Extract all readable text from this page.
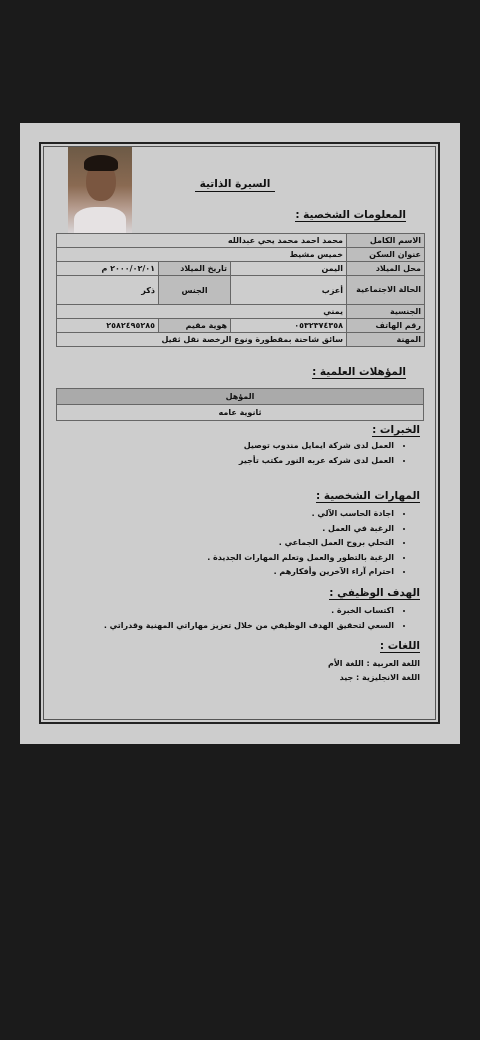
السيرة الذاتية
المعلومات الشخصية :
الاسم الكامل	محمد احمد محمد يحي عبدالله		
عنوان السكن	خميس مشيط		
محل الميلاد	اليمن	تاريخ الميلاد	٢٠٠٠/٠٢/٠١ م
الحالة الاجتماعية	أعزب	الجنس	ذكر
الجنسية	يمني		
رقم الهاتف	٠٥٣٢٣٧٤٣٥٨	هوية مقيم	٢٥٨٢٤٩٥٢٨٥
المهنة	سائق شاحنة بمقطورة ونوع الرخصة نقل ثقيل		
المؤهلات العلمية :
المؤهل
ثانوية عامه
الخبرات :
• العمل لدى شركة ايمايل مندوب توصيل
• العمل لدى شركه عربه النور مكتب تأجير
المهارات الشخصية :
• اجادة الحاسب الآلي .
• الرغبة في العمل .
• التحلي بروح العمل الجماعي .
• الرغبة بالتطور والعمل وتعلم المهارات الجديدة .
• احترام آراء الآخرين وأفكارهم .
الهدف الوظيفي :
• اكتساب الخبرة .
• السعي لتحقيق الهدف الوظيفي من خلال تعزيز مهاراتي المهنية وقدراتي .
اللغات :
اللغة العربية : اللغة الأم
اللغة الانجليزية : جيد
